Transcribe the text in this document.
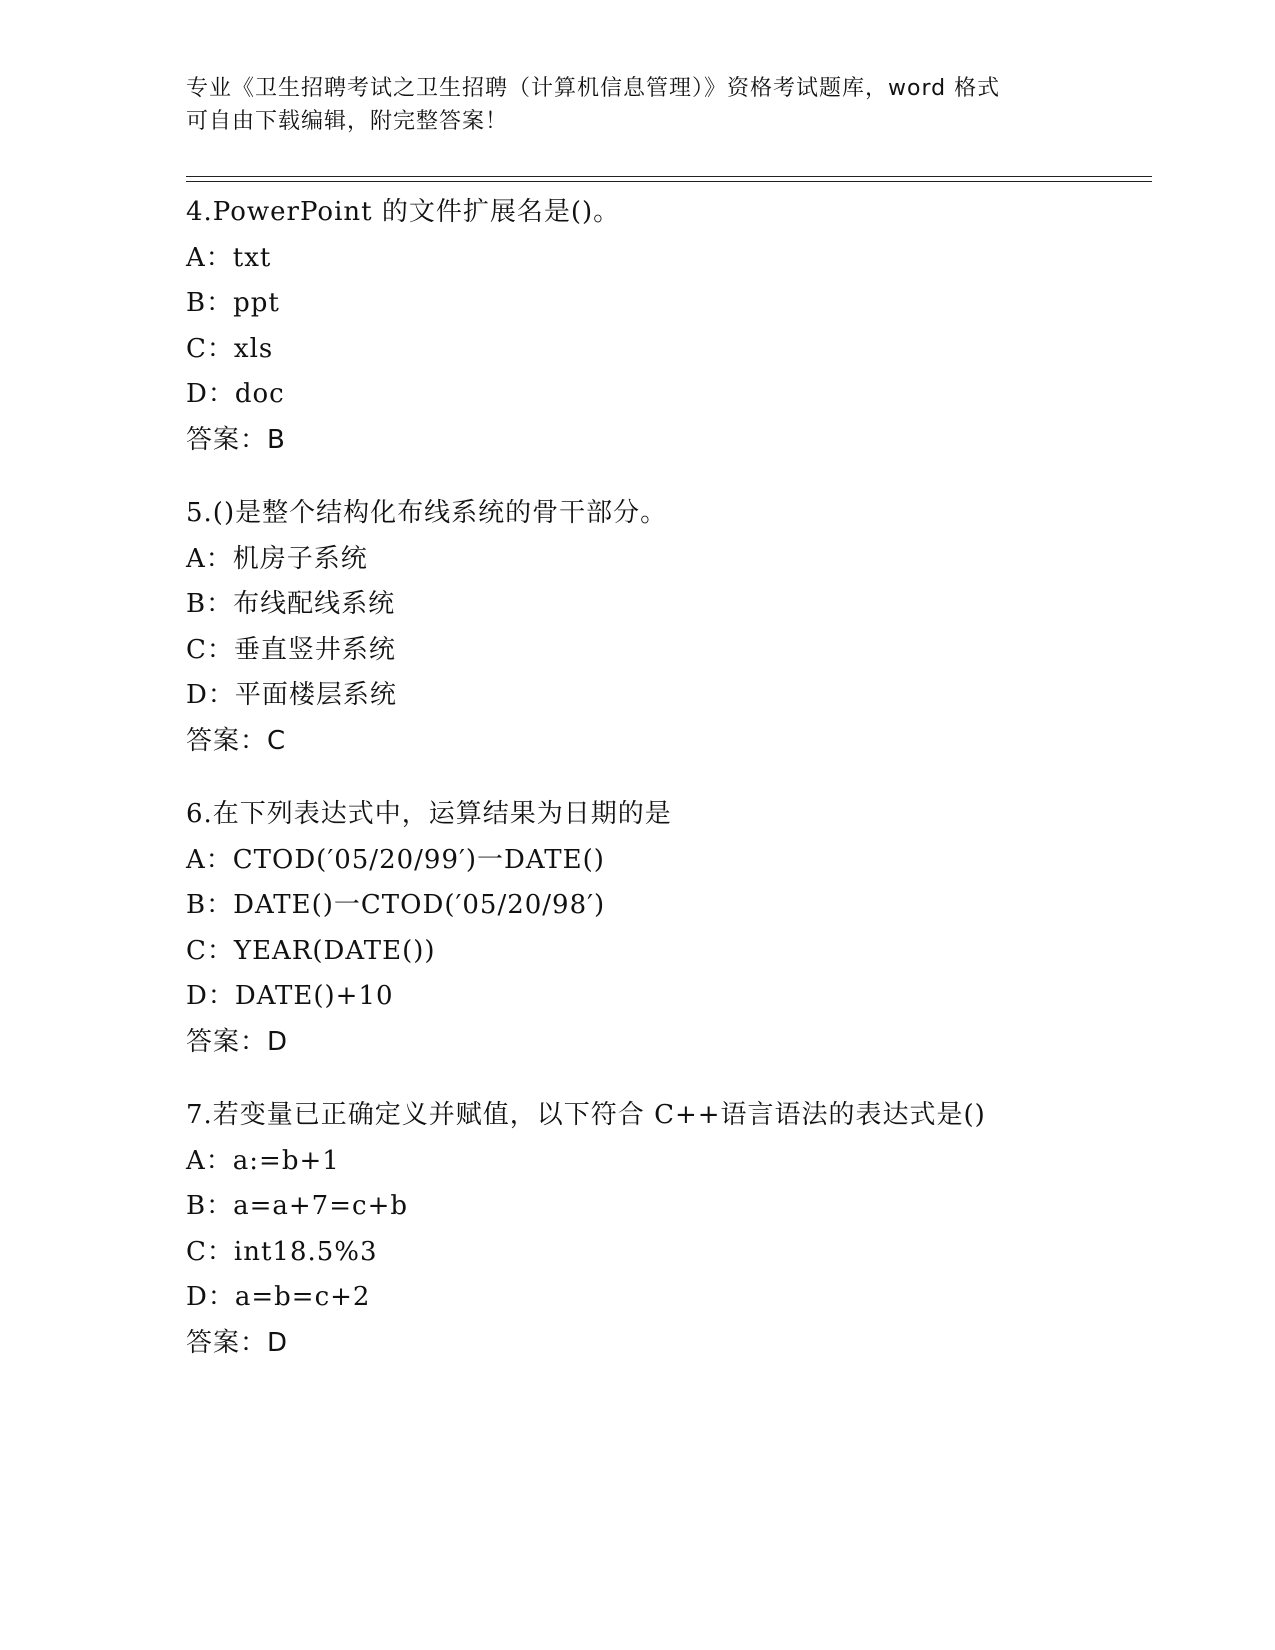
专业《卫生招聘考试之卫生招聘（计算机信息管理）》资格考试题库，word 格式
可自由下载编辑，附完整答案！
4.PowerPoint 的文件扩展名是()。
A：txt
B：ppt
C：xls
D：doc
答案：B
5.()是整个结构化布线系统的骨干部分。
A：机房子系统
B：布线配线系统
C：垂直竖井系统
D：平面楼层系统
答案：C
6.在下列表达式中，运算结果为日期的是
A：CTOD(′05/20/99′)一DATE()
B：DATE()一CTOD(′05/20/98′)
C：YEAR(DATE())
D：DATE()+10
答案：D
7.若变量已正确定义并赋值，以下符合 C++语言语法的表达式是()
A：a:=b+1
B：a=a+7=c+b
C：int18.5%3
D：a=b=c+2
答案：D
